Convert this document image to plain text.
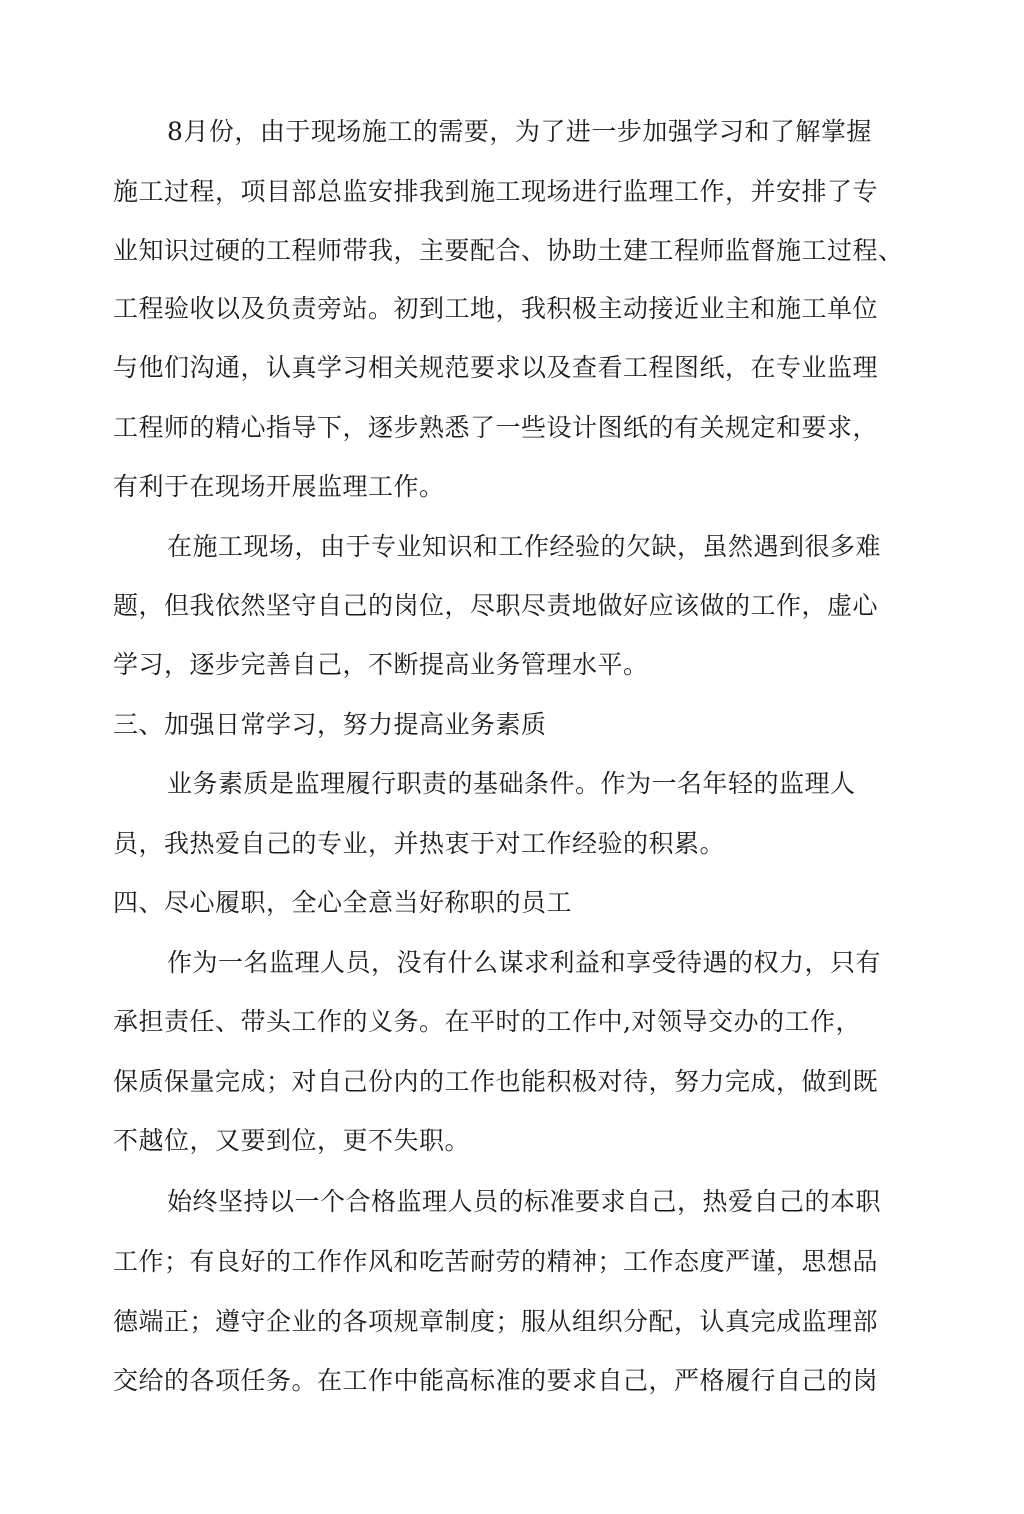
8月份，由于现场施工的需要，为了进一步加强学习和了解掌握
施工过程，项目部总监安排我到施工现场进行监理工作，并安排了专
业知识过硬的工程师带我，主要配合、协助土建工程师监督施工过程、
工程验收以及负责旁站。初到工地，我积极主动接近业主和施工单位
与他们沟通，认真学习相关规范要求以及查看工程图纸，在专业监理
工程师的精心指导下，逐步熟悉了一些设计图纸的有关规定和要求，
有利于在现场开展监理工作。
在施工现场，由于专业知识和工作经验的欠缺，虽然遇到很多难
题，但我依然坚守自己的岗位，尽职尽责地做好应该做的工作，虚心
学习，逐步完善自己，不断提高业务管理水平。
三、加强日常学习，努力提高业务素质
业务素质是监理履行职责的基础条件。作为一名年轻的监理人
员，我热爱自己的专业，并热衷于对工作经验的积累。
四、尽心履职，全心全意当好称职的员工
作为一名监理人员，没有什么谋求利益和享受待遇的权力，只有
承担责任、带头工作的义务。在平时的工作中,对领导交办的工作，
保质保量完成；对自己份内的工作也能积极对待，努力完成，做到既
不越位，又要到位，更不失职。
始终坚持以一个合格监理人员的标准要求自己，热爱自己的本职
工作；有良好的工作作风和吃苦耐劳的精神；工作态度严谨，思想品
德端正；遵守企业的各项规章制度；服从组织分配，认真完成监理部
交给的各项任务。在工作中能高标准的要求自己，严格履行自己的岗
